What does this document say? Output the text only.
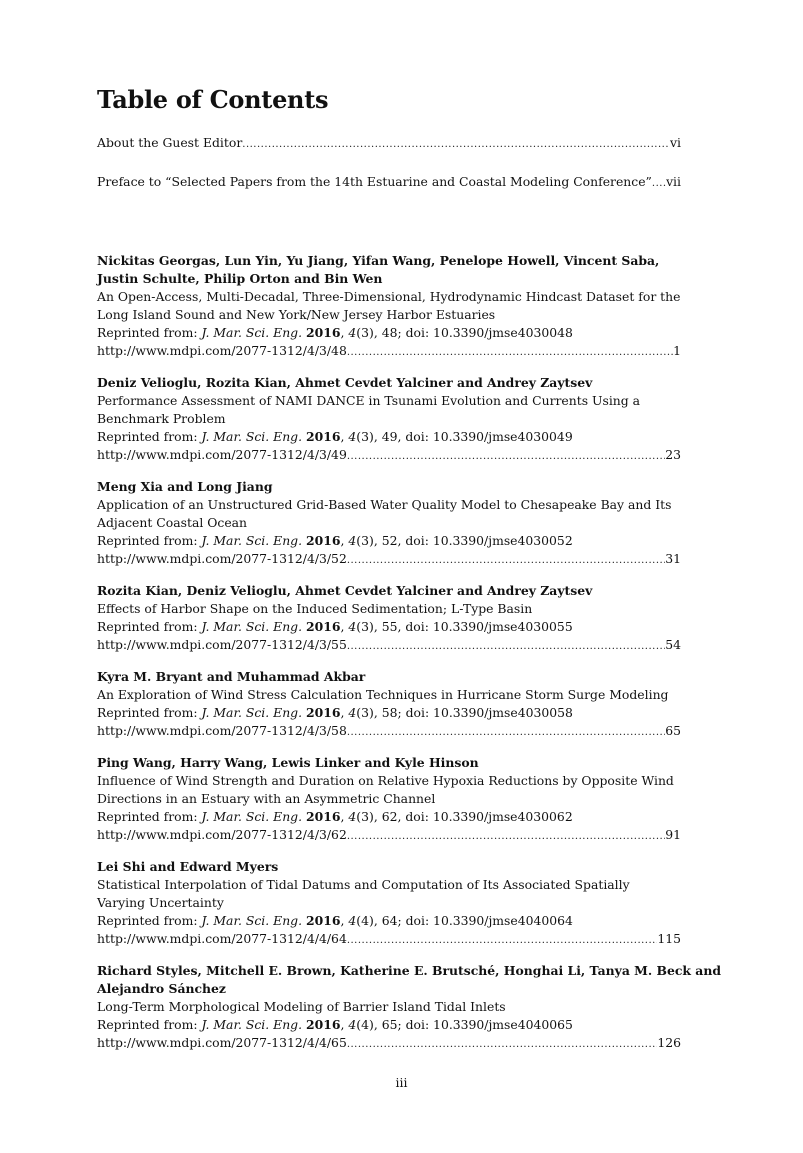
Table of Contents
About the Guest Editor .....	vi
Preface to “Selected Papers from the 14th Estuarine and Coastal Modeling Conference” ..... vii
Nickitas Georgas, Lun Yin, Yu Jiang, Yifan Wang, Penelope Howell, Vincent Saba,
Justin Schulte, Philip Orton and Bin Wen
An Open-Access, Multi-Decadal, Three-Dimensional, Hydrodynamic Hindcast Dataset for the
Long Island Sound and New York/New Jersey Harbor Estuaries
Reprinted from: J. Mar. Sci. Eng. 2016, 4(3), 48; doi: 10.3390/jmse4030048
http://www.mdpi.com/2077-1312/4/3/48 .....	1
Deniz Velioglu, Rozita Kian, Ahmet Cevdet Yalciner and Andrey Zaytsev
Performance Assessment of NAMI DANCE in Tsunami Evolution and Currents Using a
Benchmark Problem
Reprinted from: J. Mar. Sci. Eng. 2016, 4(3), 49, doi: 10.3390/jmse4030049
http://www.mdpi.com/2077-1312/4/3/49 .....	23
Meng Xia and Long Jiang
Application of an Unstructured Grid-Based Water Quality Model to Chesapeake Bay and Its
Adjacent Coastal Ocean
Reprinted from: J. Mar. Sci. Eng. 2016, 4(3), 52, doi: 10.3390/jmse4030052
http://www.mdpi.com/2077-1312/4/3/52 .....	31
Rozita Kian, Deniz Velioglu, Ahmet Cevdet Yalciner and Andrey Zaytsev
Effects of Harbor Shape on the Induced Sedimentation; L-Type Basin
Reprinted from: J. Mar. Sci. Eng. 2016, 4(3), 55, doi: 10.3390/jmse4030055
http://www.mdpi.com/2077-1312/4/3/55 .....	54
Kyra M. Bryant and Muhammad Akbar
An Exploration of Wind Stress Calculation Techniques in Hurricane Storm Surge Modeling
Reprinted from: J. Mar. Sci. Eng. 2016, 4(3), 58; doi: 10.3390/jmse4030058
http://www.mdpi.com/2077-1312/4/3/58 .....	65
Ping Wang, Harry Wang, Lewis Linker and Kyle Hinson
Influence of Wind Strength and Duration on Relative Hypoxia Reductions by Opposite Wind
Directions in an Estuary with an Asymmetric Channel
Reprinted from: J. Mar. Sci. Eng. 2016, 4(3), 62, doi: 10.3390/jmse4030062
http://www.mdpi.com/2077-1312/4/3/62 .....	91
Lei Shi and Edward Myers
Statistical Interpolation of Tidal Datums and Computation of Its Associated Spatially
Varying Uncertainty
Reprinted from: J. Mar. Sci. Eng. 2016, 4(4), 64; doi: 10.3390/jmse4040064
http://www.mdpi.com/2077-1312/4/4/64 .....	115
Richard Styles, Mitchell E. Brown, Katherine E. Brutsché, Honghai Li, Tanya M. Beck and
Alejandro Sánchez
Long-Term Morphological Modeling of Barrier Island Tidal Inlets
Reprinted from: J. Mar. Sci. Eng. 2016, 4(4), 65; doi: 10.3390/jmse4040065
http://www.mdpi.com/2077-1312/4/4/65 .....	126
iii
